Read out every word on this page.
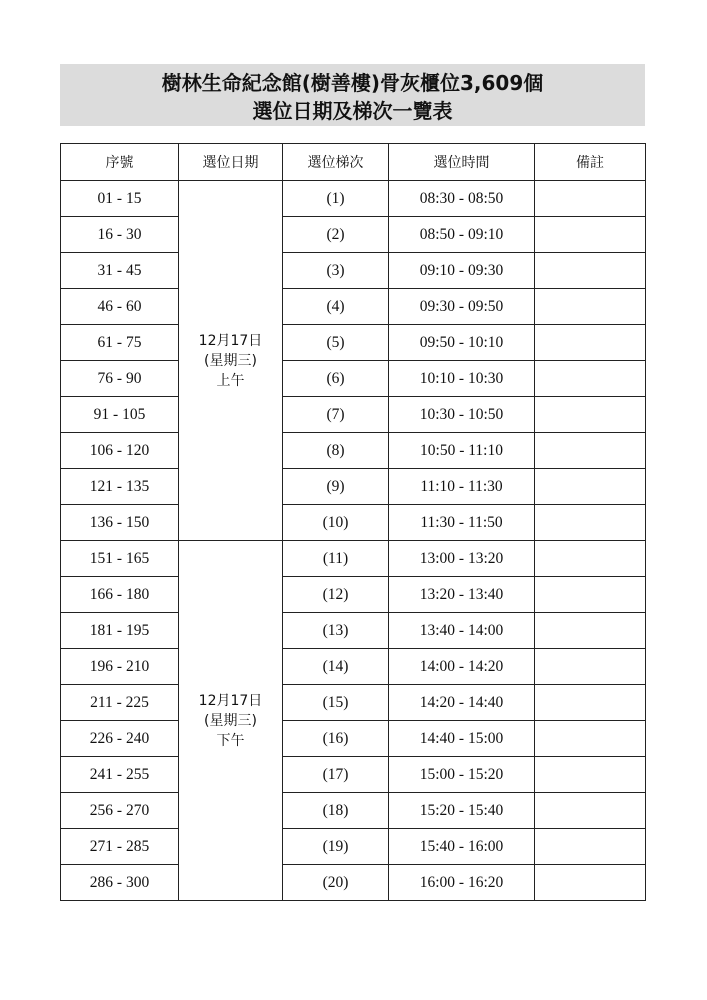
樹林生命紀念館(樹善樓)骨灰櫃位3,609個
選位日期及梯次一覽表
序號	選位日期	選位梯次	選位時間	備註
01 - 15	12月17日
(星期三)
上午	(1)	08:30 - 08:50	
16 - 30		(2)	08:50 - 09:10	
31 - 45		(3)	09:10 - 09:30	
46 - 60		(4)	09:30 - 09:50	
61 - 75		(5)	09:50 - 10:10	
76 - 90		(6)	10:10 - 10:30	
91 - 105		(7)	10:30 - 10:50	
106 - 120		(8)	10:50 - 11:10	
121 - 135		(9)	11:10 - 11:30	
136 - 150		(10)	11:30 - 11:50	
151 - 165	12月17日
(星期三)
下午	(11)	13:00 - 13:20	
166 - 180		(12)	13:20 - 13:40	
181 - 195		(13)	13:40 - 14:00	
196 - 210		(14)	14:00 - 14:20	
211 - 225		(15)	14:20 - 14:40	
226 - 240		(16)	14:40 - 15:00	
241 - 255		(17)	15:00 - 15:20	
256 - 270		(18)	15:20 - 15:40	
271 - 285		(19)	15:40 - 16:00	
286 - 300		(20)	16:00 - 16:20	
